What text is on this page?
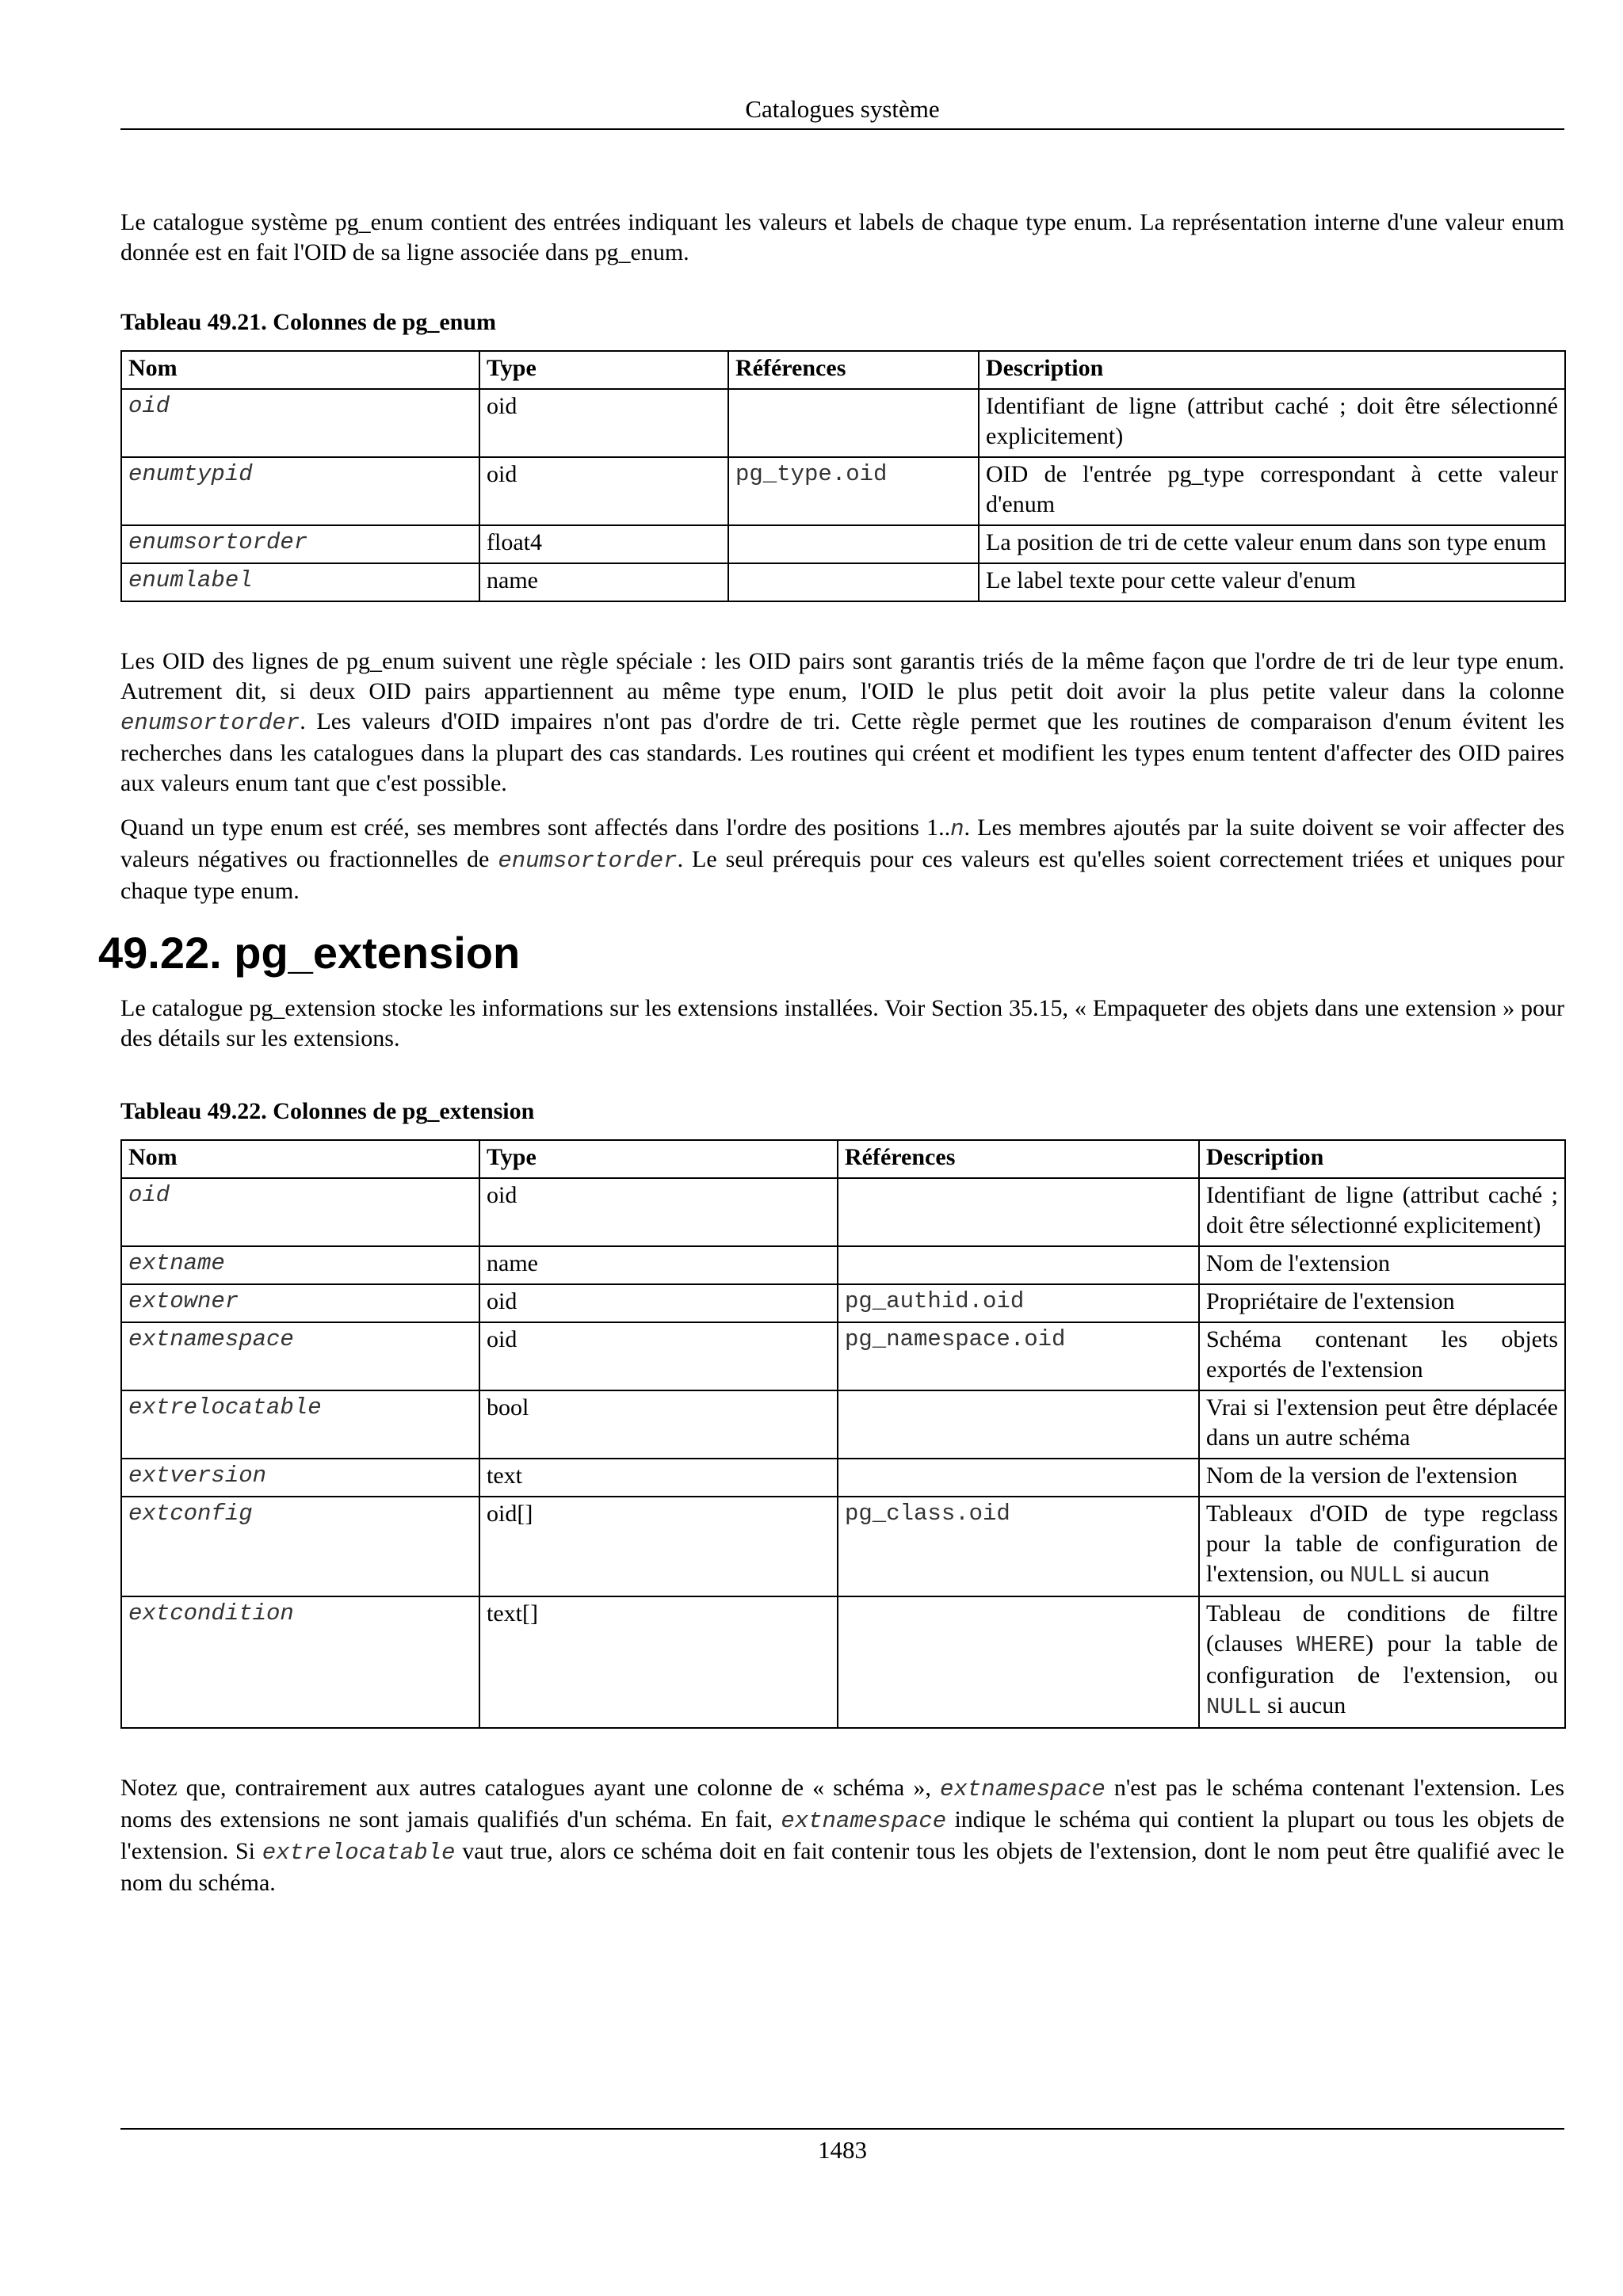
Catalogues système

Le catalogue système pg_enum contient des entrées indiquant les valeurs et labels de chaque type enum. La représentation interne d'une valeur enum donnée est en fait l'OID de sa ligne associée dans pg_enum.

Tableau 49.21. Colonnes de pg_enum
Nom	Type	Références	Description
oid	oid		Identifiant de ligne (attribut caché ; doit être sélectionné explicitement)
enumtypid	oid	pg_type.oid	OID de l'entrée pg_type correspondant à cette valeur d'enum
enumsortorder	float4		La position de tri de cette valeur enum dans son type enum
enumlabel	name		Le label texte pour cette valeur d'enum

Les OID des lignes de pg_enum suivent une règle spéciale : les OID pairs sont garantis triés de la même façon que l'ordre de tri de leur type enum. Autrement dit, si deux OID pairs appartiennent au même type enum, l'OID le plus petit doit avoir la plus petite valeur dans la colonne enumsortorder. Les valeurs d'OID impaires n'ont pas d'ordre de tri. Cette règle permet que les routines de comparaison d'enum évitent les recherches dans les catalogues dans la plupart des cas standards. Les routines qui créent et modifient les types enum tentent d'affecter des OID paires aux valeurs enum tant que c'est possible.

Quand un type enum est créé, ses membres sont affectés dans l'ordre des positions 1..n. Les membres ajoutés par la suite doivent se voir affecter des valeurs négatives ou fractionnelles de enumsortorder. Le seul prérequis pour ces valeurs est qu'elles soient correctement triées et uniques pour chaque type enum.

49.22. pg_extension

Le catalogue pg_extension stocke les informations sur les extensions installées. Voir Section 35.15, « Empaqueter des objets dans une extension » pour des détails sur les extensions.

Tableau 49.22. Colonnes de pg_extension
Nom	Type	Références	Description
oid	oid		Identifiant de ligne (attribut caché ; doit être sélectionné explicitement)
extname	name		Nom de l'extension
extowner	oid	pg_authid.oid	Propriétaire de l'extension
extnamespace	oid	pg_namespace.oid	Schéma contenant les objets exportés de l'extension
extrelocatable	bool		Vrai si l'extension peut être déplacée dans un autre schéma
extversion	text		Nom de la version de l'extension
extconfig	oid[]	pg_class.oid	Tableaux d'OID de type regclass pour la table de configuration de l'extension, ou NULL si aucun
extcondition	text[]		Tableau de conditions de filtre (clauses WHERE) pour la table de configuration de l'extension, ou NULL si aucun

Notez que, contrairement aux autres catalogues ayant une colonne de « schéma », extnamespace n'est pas le schéma contenant l'extension. Les noms des extensions ne sont jamais qualifiés d'un schéma. En fait, extnamespace indique le schéma qui contient la plupart ou tous les objets de l'extension. Si extrelocatable vaut true, alors ce schéma doit en fait contenir tous les objets de l'extension, dont le nom peut être qualifié avec le nom du schéma.

1483
